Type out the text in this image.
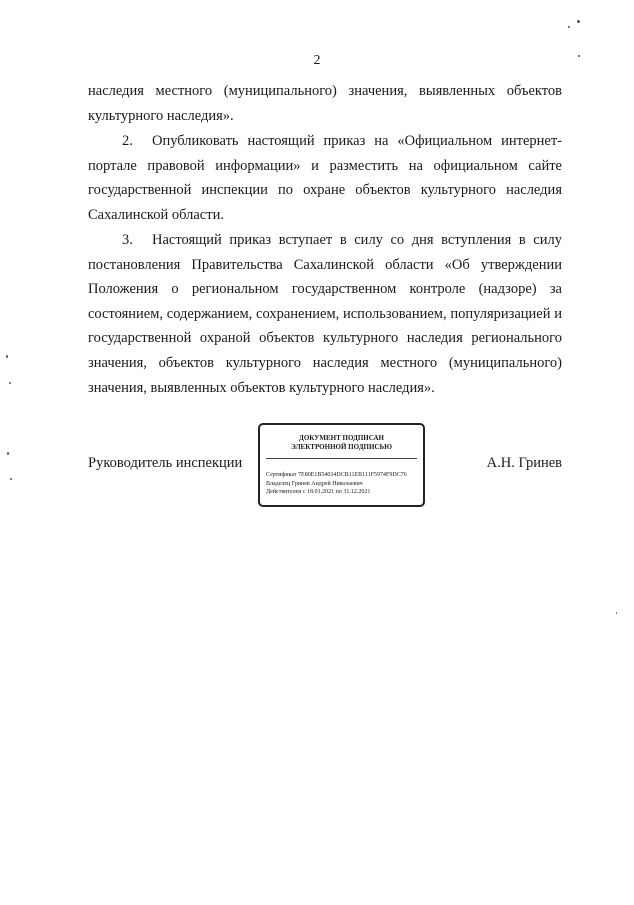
2
наследия местного (муниципального) значения, выявленных объектов культурного наследия».
2. Опубликовать настоящий приказ на «Официальном интернет-портале правовой информации» и разместить на официальном сайте государственной инспекции по охране объектов культурного наследия Сахалинской области.
3. Настоящий приказ вступает в силу со дня вступления в силу постановления Правительства Сахалинской области «Об утверждении Положения о региональном государственном контроле (надзоре) за состоянием, содержанием, сохранением, использованием, популяризацией и государственной охраной объектов культурного наследия регионального значения, объектов культурного наследия местного (муниципального) значения, выявленных объектов культурного наследия».
Руководитель инспекции
ДОКУМЕНТ ПОДПИСАН
ЭЛЕКТРОННОЙ ПОДПИСЬЮ
Сертификат 7E80E1B54034DCB11EB111F5974F9DC76
Владелец Гринев Андрей Николаевич
Действителен с 18.01.2021 по 31.12.2021
А.Н. Гринев
